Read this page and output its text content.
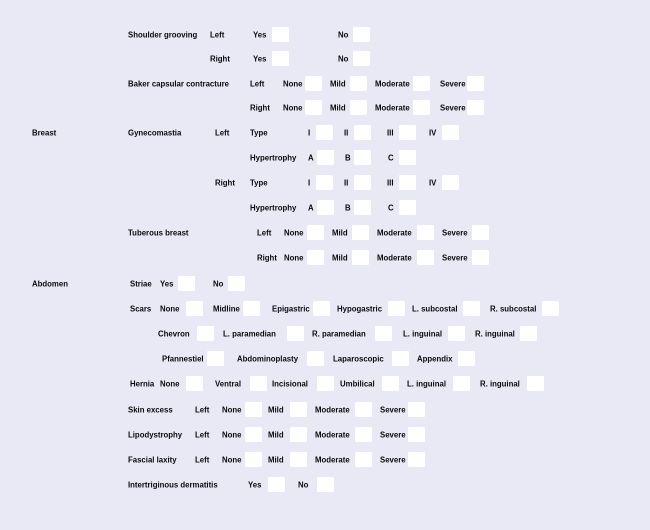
Breast
Abdomen
Shoulder grooving Left	Yes	No
Right	Yes	No
Baker capsular contracture	Left None	Mild	Moderate	Severe
Right None	Mild	Moderate	Severe
Gynecomastia	Left	Type	I	II	III	IV
Hypertrophy A	B	C
Right Type	I	II	III	IV
Hypertrophy A	B	C
Tuberous breast	Left None	Mild	Moderate	Severe
Right None	Mild	Moderate	Severe
Striae Yes	No
Scars None	Midline	Epigastric	Hypogastric	L. subcostal	R. subcostal
Chevron	L. paramedian	R. paramedian	L. inguinal	R. inguinal
Pfannestiel	Abdominoplasty	Laparoscopic	Appendix
Hernia None	Ventral	Incisional	Umbilical	L. inguinal	R. inguinal
Skin excess	Left None	Mild	Moderate	Severe
Lipodystrophy Left None	Mild	Moderate	Severe
Fascial laxity Left None	Mild	Moderate	Severe
Intertriginous dermatitis	Yes	No
